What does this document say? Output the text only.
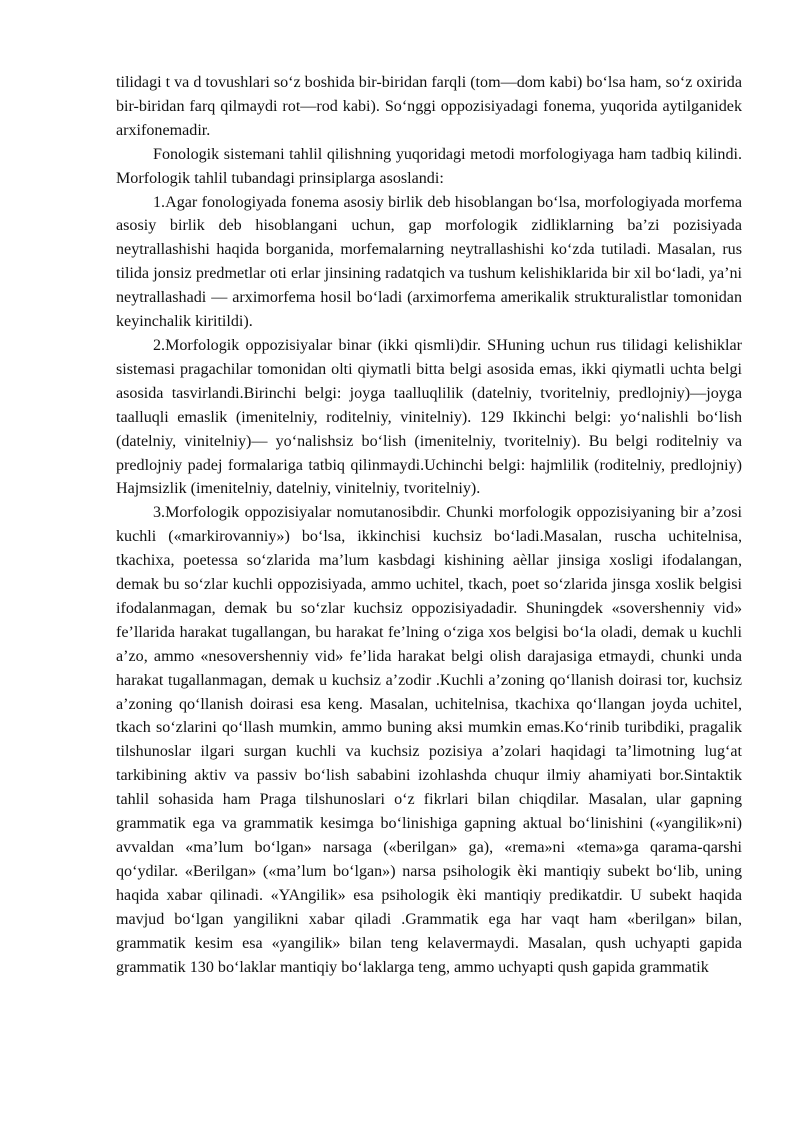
tilidagi t va d tovushlari so‘z boshida bir-biridan farqli (tom—dom kabi) bo‘lsa ham, so‘z oxirida bir-biridan farq qilmaydi rot—rod kabi). So‘nggi oppozisiyadagi fonema, yuqorida aytilganidek arxifonemadir.

Fonologik sistemani tahlil qilishning yuqoridagi metodi morfologiyaga ham tadbiq kilindi. Morfologik tahlil tubandagi prinsiplarga asoslandi:

1.Agar fonologiyada fonema asosiy birlik deb hisoblangan bo‘lsa, morfologiyada morfema asosiy birlik deb hisoblangani uchun, gap morfologik zidliklarning ba’zi pozisiyada neytrallashishi haqida borganida, morfemalarning neytrallashishi ko‘zda tutiladi. Masalan, rus tilida jonsiz predmetlar oti erlar jinsining radatqich va tushum kelishiklarida bir xil bo‘ladi, ya’ni neytrallashadi — arximorfema hosil bo‘ladi (arximorfema amerikalik strukturalistlar tomonidan keyinchalik kiritildi).

2.Morfologik oppozisiyalar binar (ikki qismli)dir. SHuning uchun rus tilidagi kelishiklar sistemasi pragachilar tomonidan olti qiymatli bitta belgi asosida emas, ikki qiymatli uchta belgi asosida tasvirlandi.Birinchi belgi: joyga taalluqlilik (datelniy, tvoritelniy, predlojniy)—joyga taalluqli emaslik (imenitelniy, roditelniy, vinitelniy). 129 Ikkinchi belgi: yo‘nalishli bo‘lish (datelniy, vinitelniy)— yo‘nalishsiz bo‘lish (imenitelniy, tvoritelniy). Bu belgi roditelniy va predlojniy padej formalariga tatbiq qilinmaydi.Uchinchi belgi: hajmlilik (roditelniy, predlojniy) Hajmsizlik (imenitelniy, datelniy, vinitelniy, tvoritelniy).

3.Morfologik oppozisiyalar nomutanosibdir. Chunki morfologik oppozisiyaning bir a’zosi kuchli («markirovanniy») bo‘lsa, ikkinchisi kuchsiz bo‘ladi.Masalan, ruscha uchitelnisa, tkachixa, poetessa so‘zlarida ma’lum kasbdagi kishining aèllar jinsiga xosligi ifodalangan, demak bu so‘zlar kuchli oppozisiyada, ammo uchitel, tkach, poet so‘zlarida jinsga xoslik belgisi ifodalanmagan, demak bu so‘zlar kuchsiz oppozisiyadadir. Shuningdek «sovershenniy vid» fe’llarida harakat tugallangan, bu harakat fe’lning o‘ziga xos belgisi bo‘la oladi, demak u kuchli a’zo, ammo «nesovershenniy vid» fe’lida harakat belgi olish darajasiga etmaydi, chunki unda harakat tugallanmagan, demak u kuchsiz a’zodir .Kuchli a’zoning qo‘llanish doirasi tor, kuchsiz a’zoning qo‘llanish doirasi esa keng. Masalan, uchitelnisa, tkachixa qo‘llangan joyda uchitel, tkach so‘zlarini qo‘llash mumkin, ammo buning aksi mumkin emas.Ko‘rinib turibdiki, pragalik tilshunoslar ilgari surgan kuchli va kuchsiz pozisiya a’zolari haqidagi ta’limotning lug‘at tarkibining aktiv va passiv bo‘lish sababini izohlashda chuqur ilmiy ahamiyati bor.Sintaktik tahlil sohasida ham Praga tilshunoslari o‘z fikrlari bilan chiqdilar. Masalan, ular gapning grammatik ega va grammatik kesimga bo‘linishiga gapning aktual bo‘linishini («yangilik»ni) avvaldan «ma’lum bo‘lgan» narsaga («berilgan» ga), «rema»ni «tema»ga qarama-qarshi qo‘ydilar. «Berilgan» («ma’lum bo‘lgan») narsa psihologik èki mantiqiy subekt bo‘lib, uning haqida xabar qilinadi. «YAngilik» esa psihologik èki mantiqiy predikatdir. U subekt haqida mavjud bo‘lgan yangilikni xabar qiladi .Grammatik ega har vaqt ham «berilgan» bilan, grammatik kesim esa «yangilik» bilan teng kelavermaydi. Masalan, qush uchyapti gapida grammatik 130 bo‘laklar mantiqiy bo‘laklarga teng, ammo uchyapti qush gapida grammatik
